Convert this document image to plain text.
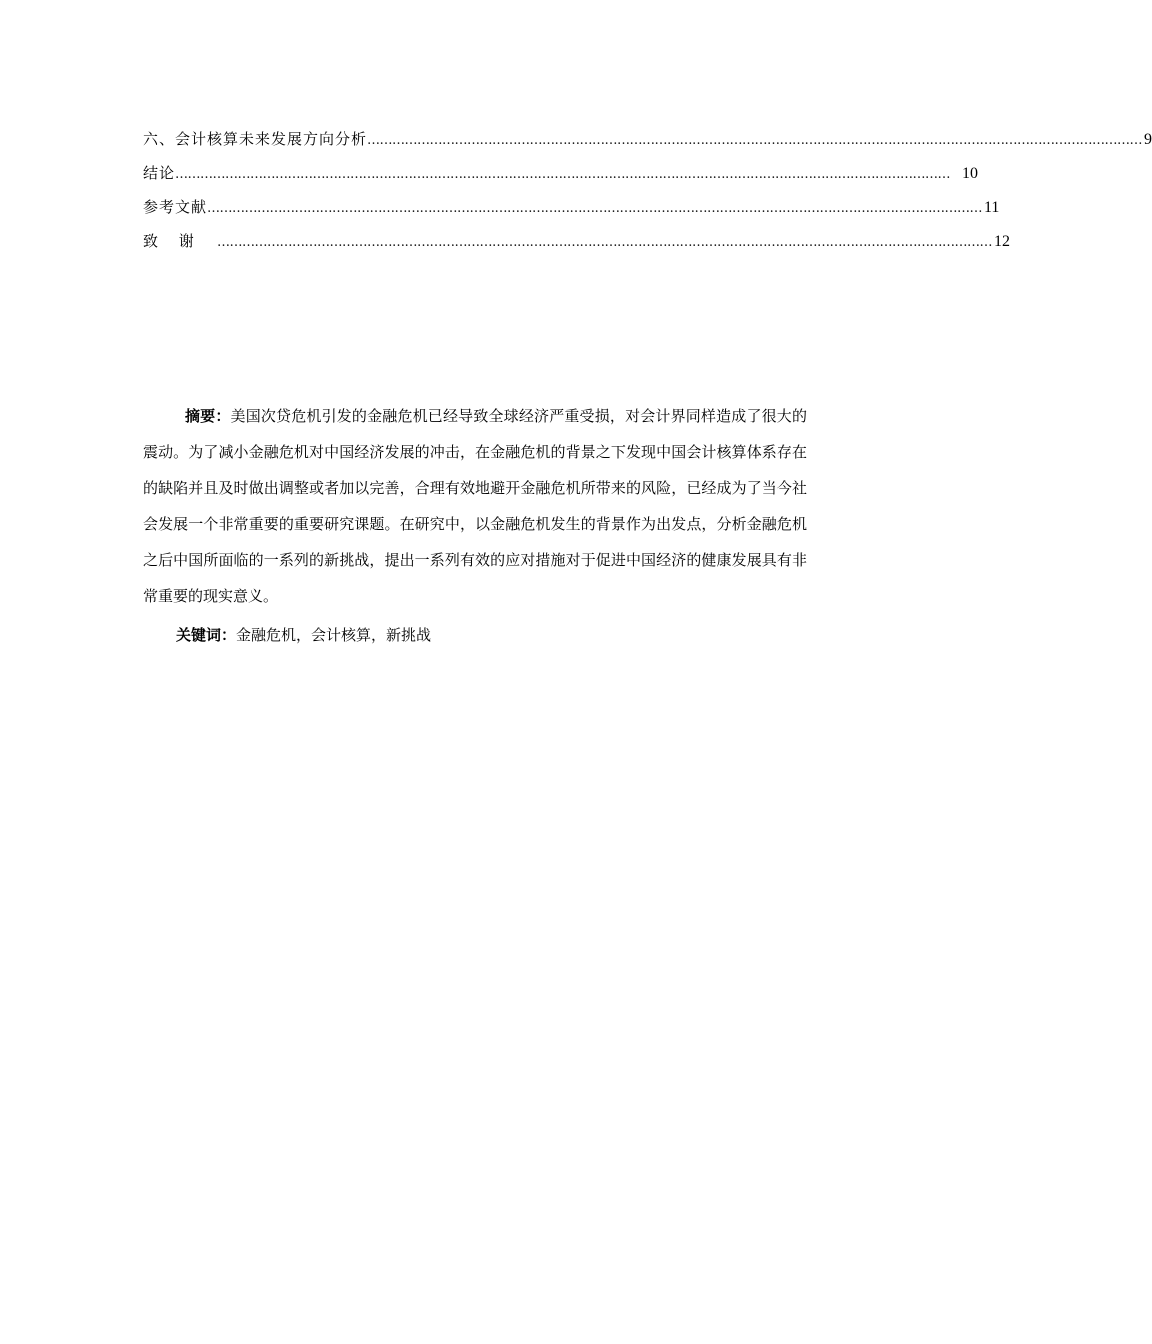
六、会计核算未来发展方向分析 …………………………………………………………………………………………………………………………………………………………………… 9
结论 …………………………………………………………………………………………………………………………………………………………………… 10
参考文献 …………………………………………………………………………………………………………………………………………………………………… 11
致 谢	…………………………………………………………………………………………………………………………………………………………………… 12

摘要：美国次贷危机引发的金融危机已经导致全球经济严重受损，对会计界同样造成了很大的震动。为了减小金融危机对中国经济发展的冲击，在金融危机的背景之下发现中国会计核算体系存在的缺陷并且及时做出调整或者加以完善，合理有效地避开金融危机所带来的风险，已经成为了当今社会发展一个非常重要的重要研究课题。在研究中，以金融危机发生的背景作为出发点，分析金融危机之后中国所面临的一系列的新挑战，提出一系列有效的应对措施对于促进中国经济的健康发展具有非常重要的现实意义。

关键词：金融危机，会计核算，新挑战
